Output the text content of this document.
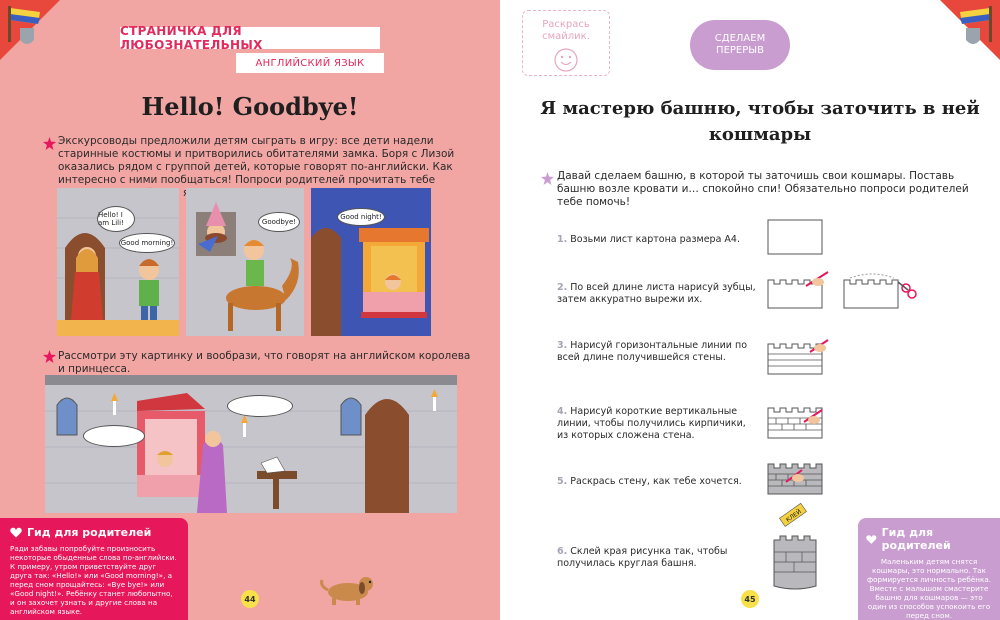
СТРАНИЧКА ДЛЯ ЛЮБОЗНАТЕЛЬНЫХ
АНГЛИЙСКИЙ ЯЗЫК
Hello! Goodbye!
Экскурсоводы предложили детям сыграть в игру: все дети надели старинные костюмы и притворились обитателями замка. Боря с Лизой оказались рядом с группой детей, которые говорят по-английски. Как интересно с ними пообщаться! Попроси родителей прочитать тебе
Hello! I am Lili!
Good morning!
Goodbye!
Good night!
Рассмотри эту картинку и вообрази, что говорят на английском королева и принцесса.
Гид для родителей
Ради забавы попробуйте произносить некоторые обыденные слова по-английски. К примеру, утром приветствуйте друг друга так: «Hello!» или «Good morning!», а перед сном прощайтесь: «Bye bye!» или «Good night!». Ребёнку станет любопытно, и он захочет узнать и другие слова на английском языке.
44
Раскрась смайлик.	СДЕЛАЕМ ПЕРЕРЫВ
Я мастерю башню, чтобы заточить в ней кошмары
Давай сделаем башню, в которой ты заточишь свои кошмары. Поставь башню возле кровати и… спокойно спи! Обязательно попроси родителей тебе помочь!
1. Возьми лист картона размера А4.
2. По всей длине листа нарисуй зубцы, затем аккуратно вырежи их.
3. Нарисуй горизонтальные линии по всей длине получившейся стены.
4. Нарисуй короткие вертикальные линии, чтобы получились кирпичики, из которых сложена стена.
5. Раскрась стену, как тебе хочется.
6. Склей края рисунка так, чтобы получилась круглая башня.
КЛЕЙ
Гид для родителей
Маленьким детям снятся кошмары, это нормально. Так формируется личность ребёнка. Вместе с малышом смастерите башню для кошмаров — это один из способов успокоить его перед сном.
45
